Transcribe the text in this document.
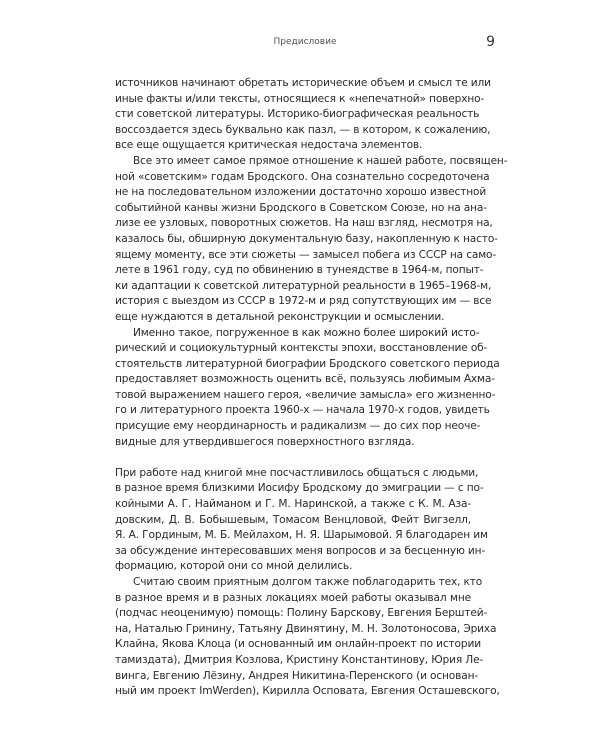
Предисловие	9
источников начинают обретать исторические объем и смысл те или
иные факты и/или тексты, относящиеся к «непечатной» поверхно-
сти советской литературы. Историко-биографическая реальность
воссоздается здесь буквально как пазл, — в котором, к сожалению,
все еще ощущается критическая недостача элементов.
Все это имеет самое прямое отношение к нашей работе, посвящен-
ной «советским» годам Бродского. Она сознательно сосредоточена
не на последовательном изложении достаточно хорошо известной
событийной канвы жизни Бродского в Советском Союзе, но на ана-
лизе ее узловых, поворотных сюжетов. На наш взгляд, несмотря на,
казалось бы, обширную документальную базу, накопленную к насто-
ящему моменту, все эти сюжеты — замысел побега из СССР на само-
лете в 1961 году, суд по обвинению в тунеядстве в 1964-м, попыт-
ки адаптации к советской литературной реальности в 1965–1968-м,
история с выездом из СССР в 1972-м и ряд сопутствующих им — все
еще нуждаются в детальной реконструкции и осмыслении.
Именно такое, погруженное в как можно более широкий исто-
рический и социокультурный контексты эпохи, восстановление об-
стоятельств литературной биографии Бродского советского периода
предоставляет возможность оценить всё, пользуясь любимым Ахма-
товой выражением нашего героя, «величие замысла» его жизненно-
го и литературного проекта 1960-х — начала 1970-х годов, увидеть
присущие ему неординарность и радикализм — до сих пор неоче-
видные для утвердившегося поверхностного взгляда.
При работе над книгой мне посчастливилось общаться с людьми,
в разное время близкими Иосифу Бродскому до эмиграции — с по-
койными А. Г. Найманом и Г. М. Наринской, а также с К. М. Аза-
довским, Д. В. Бобышевым, Томасом Венцловой, Фейт Вигзелл,
Я. А. Гординым, М. Б. Мейлахом, Н. Я. Шарымовой. Я благодарен им
за обсуждение интересовавших меня вопросов и за бесценную ин-
формацию, которой они со мной делились.
Считаю своим приятным долгом также поблагодарить тех, кто
в разное время и в разных локациях моей работы оказывал мне
(подчас неоценимую) помощь: Полину Барскову, Евгения Берштей-
на, Наталью Гринину, Татьяну Двинятину, М. Н. Золотоносова, Эриха
Клайна, Якова Клоца (и основанный им онлайн-проект по истории
тамиздата), Дмитрия Козлова, Кристину Константинову, Юрия Ле-
винга, Евгению Лёзину, Андрея Никитина-Перенского (и основан-
ный им проект ImWerden), Кирилла Осповата, Евгения Осташевского,
